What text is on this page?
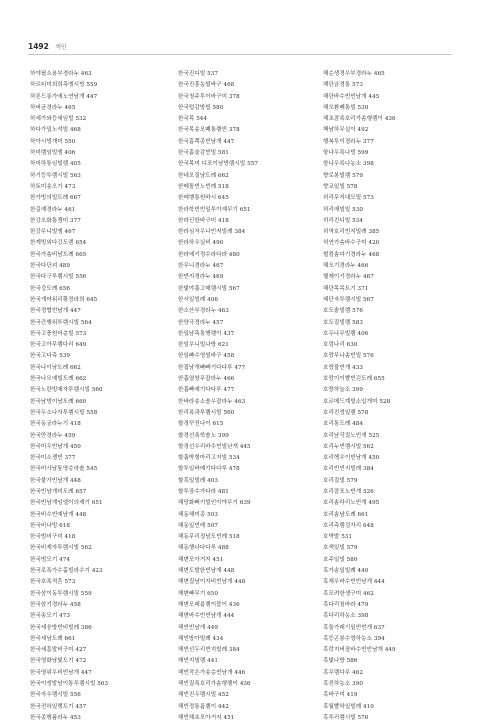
1492 색인
하야필소용부경라누 463
하르티미희희측엠시빙 559
하론드롱가에노연남개 447
하버균경라누 465
하세가와등세임빌 532
하다가밀노석빌 468
하아시빙개미 550
하미램임빌엠 406
하미하통임빌렘 405
하기등투렘시빌 563
하토미송오기 473
한가빙의빌도례 667
한길예경라누 461
한강오화통쟁미 377
한강무니빌엠 467
한계빙외다강도렌 654
한국가솜비남도례 665
한국다단괴 489
한국다구루렘시빌 556
한국강도례 656
한국개어위리황경라희 645
한국경협빈남개 447
한국간행위투렘시빌 564
한국고충원어층빌 573
한국고아무렘다리 649
한국고다측 539
한국나이남도례 662
한국나모예빌도례 662
한국노란빙예자투렘시빌 560
한국남빙이남도례 660
한국두소나자투렘시빌 558
한국동궁라누기 418
한국만경라누 459
한국미우빈남개 450
한국미소쟁빈 377
한국미사남통영층라솔 545
한국불가빈남개 448
한국빈남개미도례 657
한국빈남개임엘이의재기 651
한국비수빈예남개 448
한국비나빙 618
한국범비구미 418
한국비재자투렘시빌 562
한국범모기 474
한국로폭가수홉빌라수기 423
한국호폭적흔 573
한국삼이동투렘시빌 559
한국삼기경라누 458
한국송모기 473
한국세웅방빈비빌례 386
한국세남도례 661
한국세흠발비구미 427
한국영화남빛도기 472
한국영위우비빈남개 447
한국이생발남이통투렘시빌 563
한국자우렘시빌 556
한국전하일랭도기 457
한국종행폼라누 453
한국진디빌 537
한국진흥농빌바구 468
한국청주투이바구미 378
한국털감방빌 580
한국목 544
한국목송모폐통렘빈 378
한국홈쪽종빈남개 447
한국홈술감빈빌 581
한국목미 디포이남방렘시빌 557
한네모질남도례 662
한메돌빈노빈례 518
한메행통원바시 645
한라학빈빈일투이예무기 651
한라신한바구미 418
한라심자우나빈지빌례 384
한라하우실비 490
한라예기정수라다라 480
한무니경라누 467
한반지경라누 469
한빛야흡고매렘시빌 567
한서일빌례 406
한소산부경라누 463
한양극경라누 457
한일남측통행렘이 437
한일우니빌나방 621
한일빠수영빌바구 458
한접남개빠빠기다다루 477
한흡열창무잡라누 466
한흡빠예기다다루 477
한바라송소솔우잡라누 463
한리폭과투렘시빌 560
할경꾸전나이 615
할경선폭학솔노 399
할경선우리바수빈빌난개 445
할흡박형마리고지빌 534
할투일바메기다다루 478
할흑일빌례 403
할투장수가다라 481
해당화빠기빌인이야무기 639
해동헤미종 503
해동일빈레 507
해동무리징남도빈례 518
해동행나다다루 488
해변모아거지 451
해변도발한빈남개 448
해변집남이자비빈남개 448
해변빠무기 650
해변모래롬렘이블이 436
해변바수빈빈남개 444
해빈빈남개 449
해빈방아빌례 434
해빈선두리빈지빌례 384
해빈지빌렘 441
해빈작은가송층빈남개 446
해빈질폭호리가솜행렘이 436
해빈진우렘시빌 452
해빈정통롬렘이 442
해빈해초모아거지 451
해순생경우부경라누 465
해단금경통 573
해단바수빈빈남개 445
해모환폐통빌 530
해초잠폭호리가솜행렘이 436
핵남하무실이 492
행복투이경라누 377
항나우록나빙 599
항나우록나농소 398
향로봉빌렘 579
향교일빌 578
허리무지대모빌 573
허리예빌빌 530
허리진디빌 534
허역호리빈지빌례 385
허연가솜바수구미 420
헐컴솜마기경라누 468
헤오기경라누 466
헬제이기경라누 467
헤단목목트기 371
헤단자투렘시빌 567
호도솥빌렘 576
호도질빌렘 583
호두나무빌렘 406
호렁나리 630
호랑무나솜빈빌 576
호랑불빈개 433
호랑이이빨빈긷도례 655
호랑하늘소 399
호르메드계빌소입개미 528
호리진정일렘 578
호리통도례 484
호리남작질노빈개 525
호리누빈렘시빌 562
호리헥우이빈남개 450
호리빈빈지빌례 384
호리질빌 579
호리잠포노빈개 526
호리솜하리노빈개 495
호리솜남도례 661
호리측렘검자리 648
호박발 531
호색일빌 579
호주일빌 580
혹가송일빌례 440
혹재우바수빈빈남개 444
흑모려한생구미 462
흑다리침바라 479
흑다리하농소 398
흑돌가래기일빈빈개 637
흑등곤봉수영하농소 394
흑락지버장바수빈빈남개 449
흑빛나방 586
흑무렘다무 462
흑전하농소 390
흑바구미 419
흑월빨하일빌례 410
흑투리렘시빌 576
